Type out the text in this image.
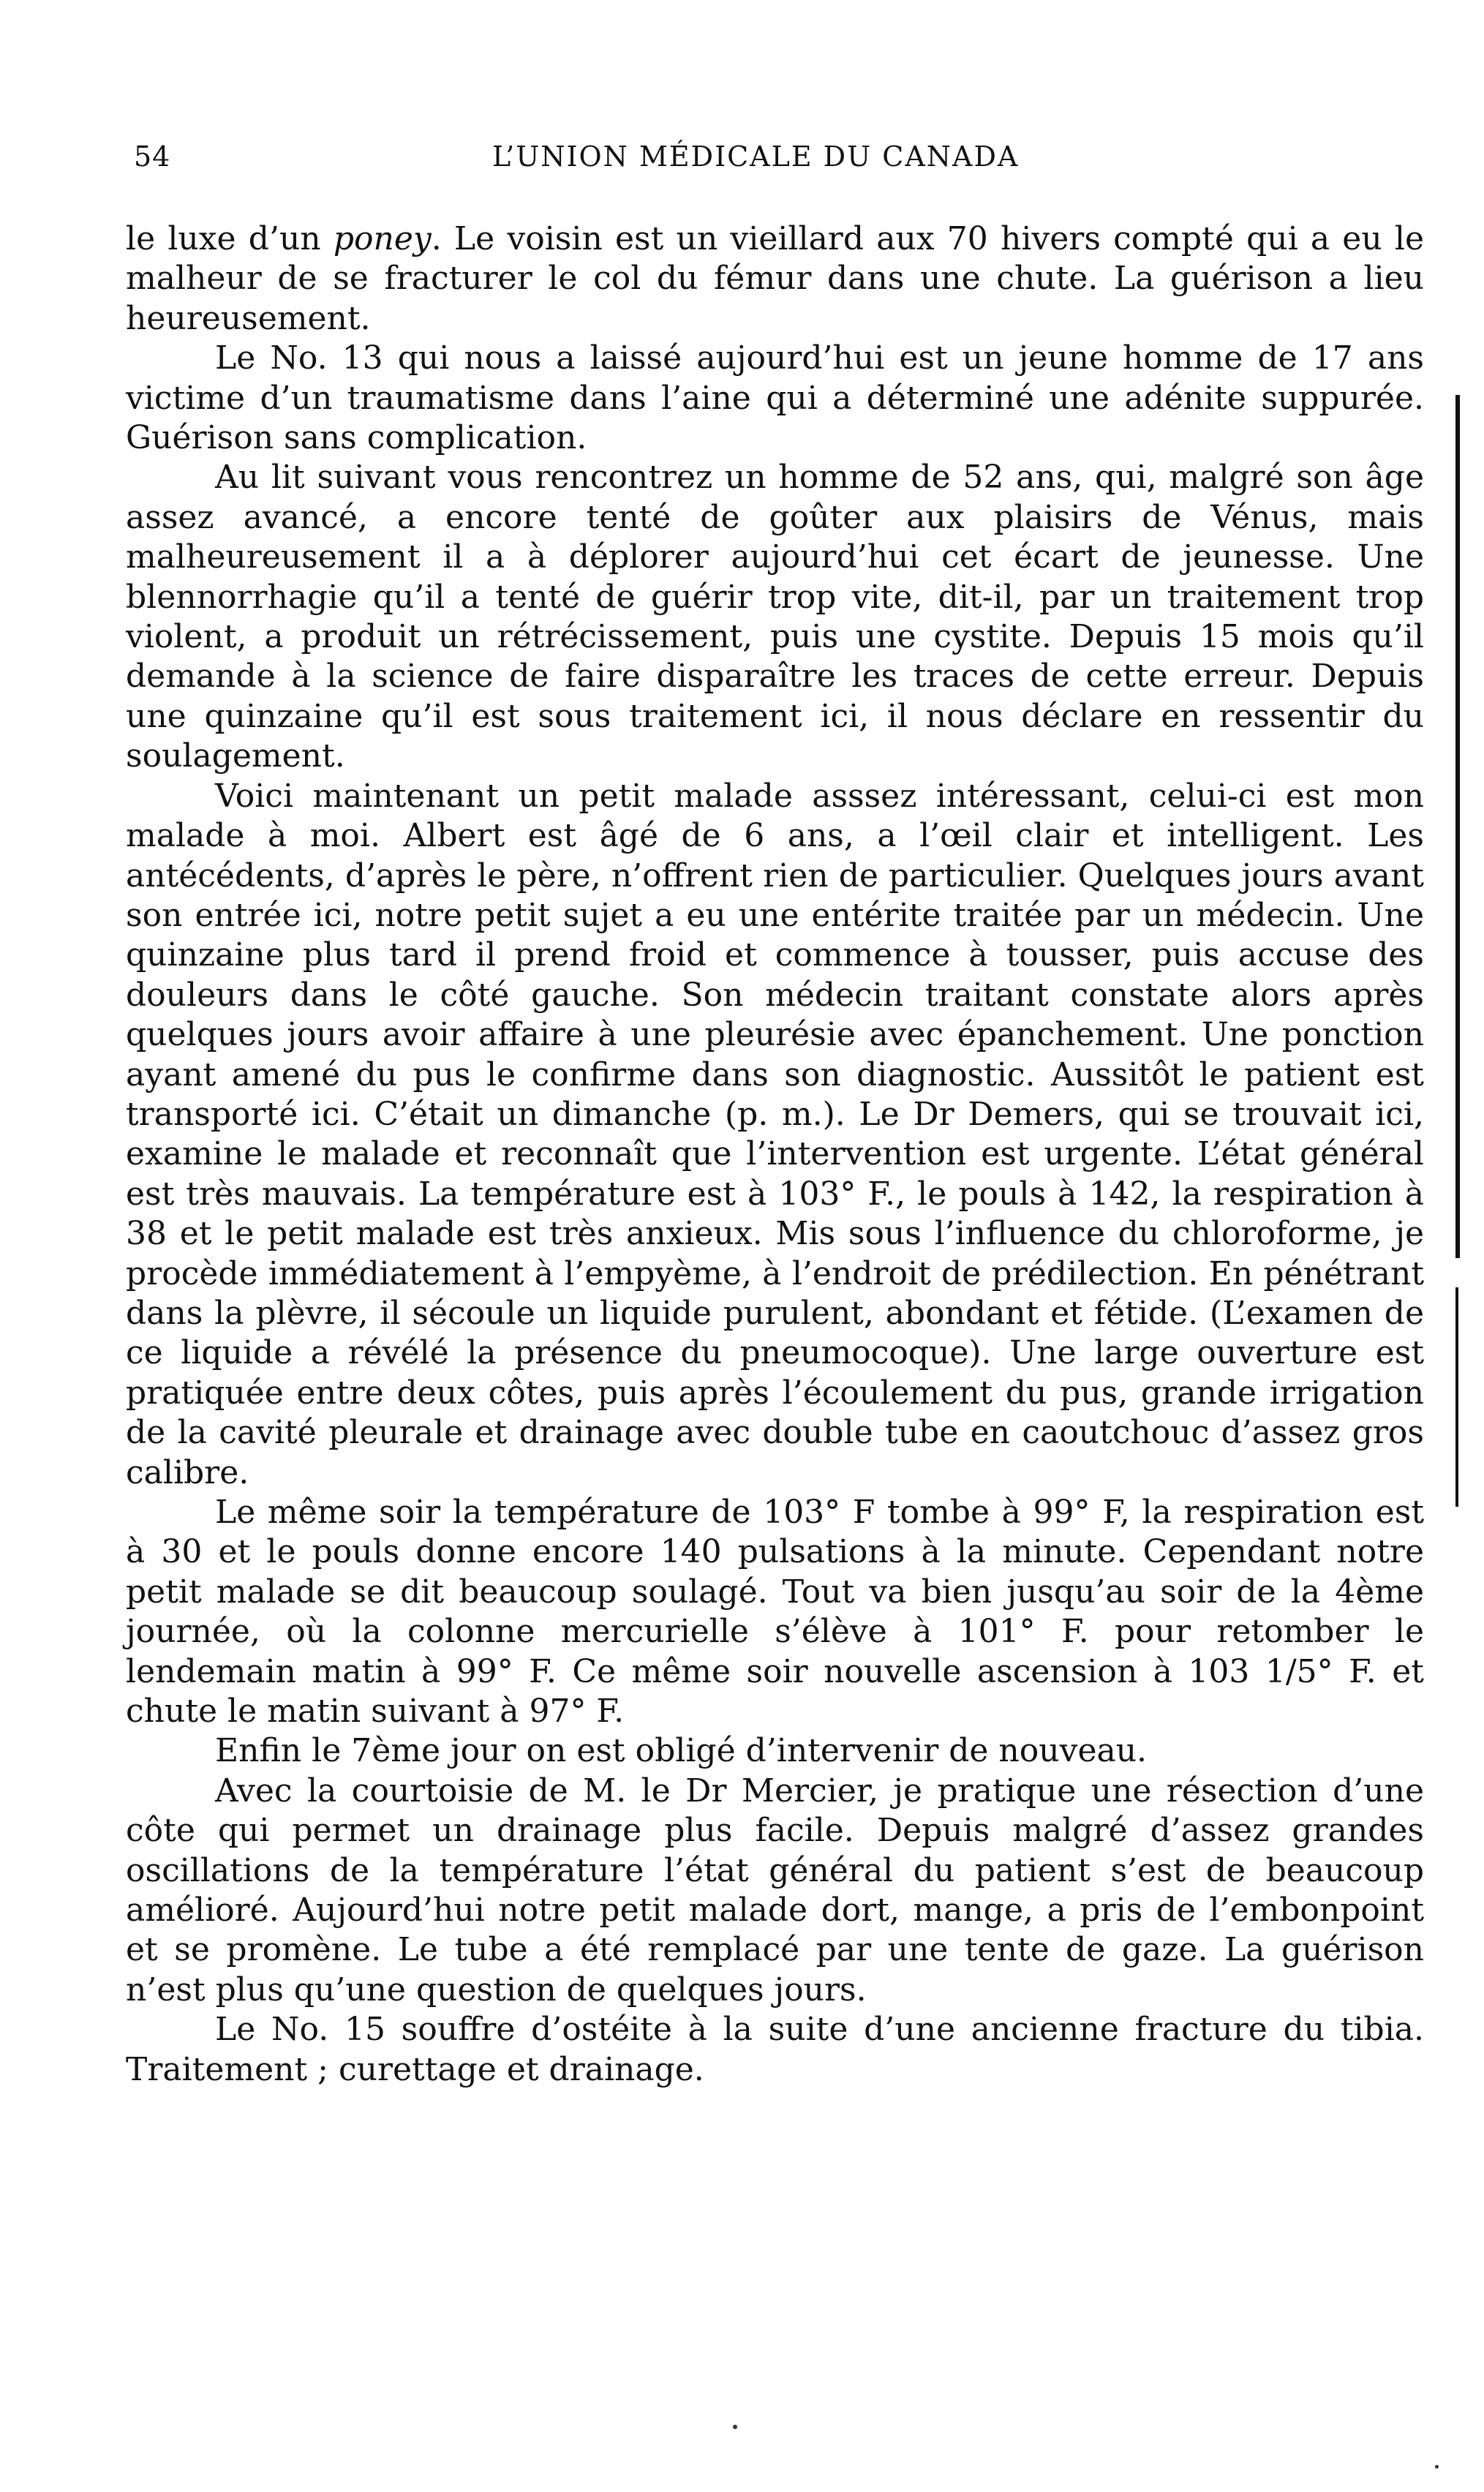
54	L’UNION MÉDICALE DU CANADA

le luxe d’un poney. Le voisin est un vieillard aux 70 hivers compté qui a eu le malheur de se fracturer le col du fémur dans une chute. La guérison a lieu heureusement.

Le No. 13 qui nous a laissé aujourd’hui est un jeune homme de 17 ans victime d’un traumatisme dans l’aine qui a déterminé une adénite suppurée. Guérison sans complication.

Au lit suivant vous rencontrez un homme de 52 ans, qui, malgré son âge assez avancé, a encore tenté de goûter aux plaisirs de Vénus, mais malheureusement il a à déplorer aujourd’hui cet écart de jeunesse. Une blennorrhagie qu’il a tenté de guérir trop vite, dit-il, par un traitement trop violent, a produit un rétrécissement, puis une cystite. Depuis 15 mois qu’il demande à la science de faire disparaître les traces de cette erreur. Depuis une quinzaine qu’il est sous traitement ici, il nous déclare en ressentir du soulagement.

Voici maintenant un petit malade asssez intéressant, celui-ci est mon malade à moi. Albert est âgé de 6 ans, a l’œil clair et intelligent. Les antécédents, d’après le père, n’offrent rien de particulier. Quelques jours avant son entrée ici, notre petit sujet a eu une entérite traitée par un médecin. Une quinzaine plus tard il prend froid et commence à tousser, puis accuse des douleurs dans le côté gauche. Son médecin traitant constate alors après quelques jours avoir affaire à une pleurésie avec épanchement. Une ponction ayant amené du pus le confirme dans son diagnostic. Aussitôt le patient est transporté ici. C’était un dimanche (p. m.). Le Dr Demers, qui se trouvait ici, examine le malade et reconnaît que l’intervention est urgente. L’état général est très mauvais. La température est à 103° F., le pouls à 142, la respiration à 38 et le petit malade est très anxieux. Mis sous l’influence du chloroforme, je procède immédiatement à l’empyème, à l’endroit de prédilection. En pénétrant dans la plèvre, il sécoule un liquide purulent, abondant et fétide. (L’examen de ce liquide a révélé la présence du pneumocoque). Une large ouverture est pratiquée entre deux côtes, puis après l’écoulement du pus, grande irrigation de la cavité pleurale et drainage avec double tube en caoutchouc d’assez gros calibre.

Le même soir la température de 103° F tombe à 99° F, la respiration est à 30 et le pouls donne encore 140 pulsations à la minute. Cependant notre petit malade se dit beaucoup soulagé. Tout va bien jusqu’au soir de la 4ème journée, où la colonne mercurielle s’élève à 101° F. pour retomber le lendemain matin à 99° F. Ce même soir nouvelle ascension à 103 1/5° F. et chute le matin suivant à 97° F.

Enfin le 7ème jour on est obligé d’intervenir de nouveau.

Avec la courtoisie de M. le Dr Mercier, je pratique une résection d’une côte qui permet un drainage plus facile. Depuis malgré d’assez grandes oscillations de la température l’état général du patient s’est de beaucoup amélioré. Aujourd’hui notre petit malade dort, mange, a pris de l’embonpoint et se promène. Le tube a été remplacé par une tente de gaze. La guérison n’est plus qu’une question de quelques jours.

Le No. 15 souffre d’ostéite à la suite d’une ancienne fracture du tibia. Traitement ; curettage et drainage.
